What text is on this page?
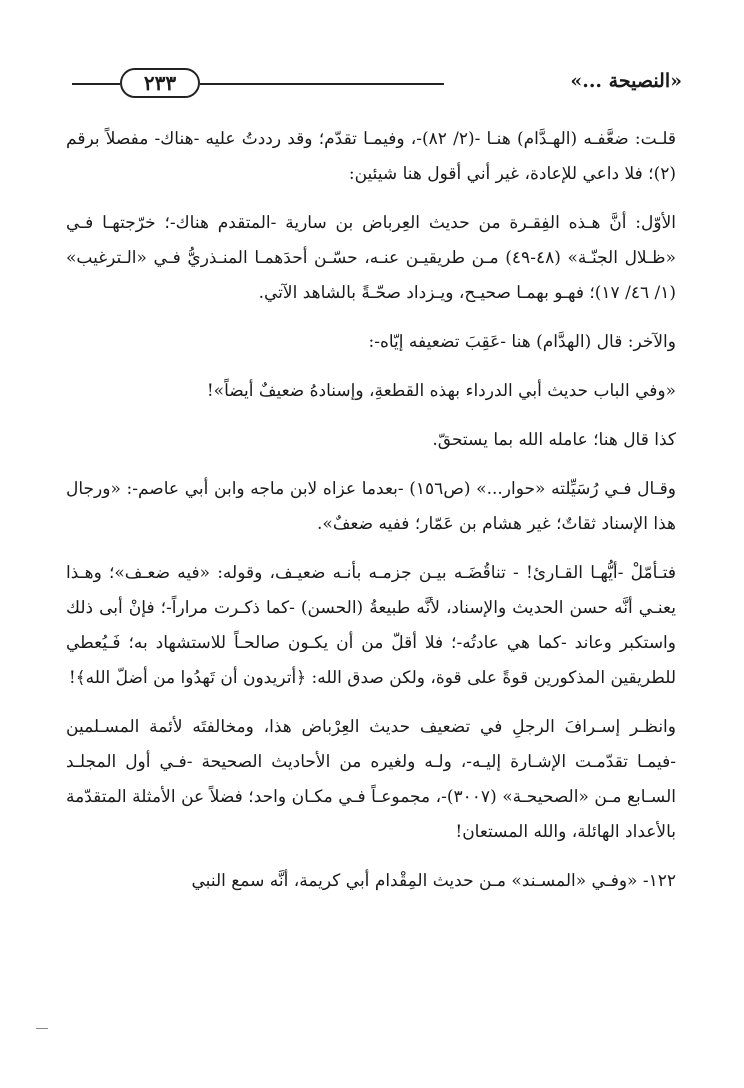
٢٣٣	«النصيحة ...»

قلـت: ضعَّفـه (الهـدَّام) هنـا -(٢/ ٨٢)-، وفيمـا تقدّم؛ وقد رددتُ عليه -هناك- مفصلاً برقم (٢)؛ فلا داعي للإعادة، غير أني أقول هنا شيئين:

الأوّل: أنَّ هـذه الفِقـرة من حديث العِرباض بن سارية -المتقدم هناك-؛ خرّجتهـا فـي «ظـلال الجنّـة» (٤٨-٤٩) مـن طريقيـن عنـه، حسّـن أحدَهمـا المنـذريُّ فـي «الـترغيب» (١/ ٤٦/ ١٧)؛ فهـو بهمـا صحيـح، ويـزداد صحّـةً بالشاهد الآتي.

والآخر: قال (الهدَّام) هنا -عَقِبَ تضعيفه إيّاه-:

«وفي الباب حديث أبي الدرداء بهذه القطعةِ، وإسنادهُ ضعيفٌ أيضاً»!

كذا قال هنا؛ عامله الله بما يستحقّ.

وقـال فـي رُسَيِّلته «حوار...» (ص١٥٦) -بعدما عزاه لابن ماجه وابن أبي عاصم-: «ورجال هذا الإسناد ثقاتٌ؛ غير هشام بن عَمّار؛ ففيه ضعفٌ».

فتـأمّلْ -أيُّهـا القـارئ! - تناقُضَـه بيـن جزمـه بأنـه ضعيـف، وقوله: «فيه ضعـف»؛ وهـذا يعنـي أنَّه حسن الحديث والإسناد، لأنَّه طبيعةُ (الحسن) -كما ذكـرت مراراً-؛ فإنْ أبى ذلك واستكبر وعاند -كما هي عادتُه-؛ فلا أقلّ من أن يكـون صالحـاً للاستشهاد به؛ فَـيُعطي للطريقين المذكورين قوةً على قوة، ولكن صدق الله: ﴿أتريدون أن تَهدُوا من أضلّ الله﴾!

وانظـر إسـرافَ الرجلِ في تضعيف حديث العِرْباض هذا، ومخالفتَه لأئمة المسـلمين -فيمـا تقدّمـت الإشـارة إليـه-، ولـه ولغيره من الأحاديث الصحيحة -فـي أول المجلـد السـابع مـن «الصحيحـة» (٣٠٠٧)-، مجموعـاً فـي مكـان واحد؛ فضلاً عن الأمثلة المتقدّمة بالأعداد الهائلة، والله المستعان!

١٢٢- «وفـي «المسـند» مـن حديث المِقْدام أبي كريمة، أنَّه سمع النبي
